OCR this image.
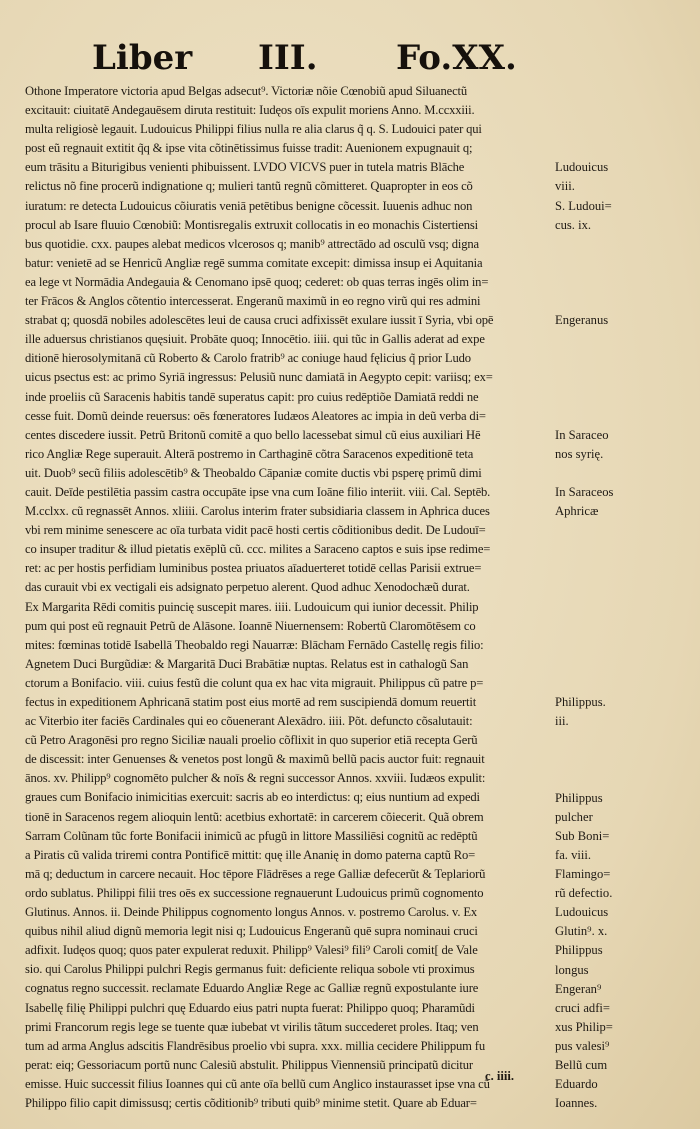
Liber III. Fo.XX.
Othone Imperatore victoria apud Belgas adsecut⁹. Victoriæ nõie Cœnobiũ apud Siluanectũ
excitauit: ciuitatē Andegauēsem diruta restituit: Iudęos oīs expulit moriens Anno. M.ccxxiii.
multa religiosè legauit. Ludouicus Philippi filius nulla re alia clarus q̃ q. S. Ludouici pater qui
post eũ regnauit extitit q̃q & ipse vita cõtinētissimus fuisse tradit: Auenionem expugnauit q;
eum trāsitu a Biturigibus venienti phibuissent. LVDO VICVS puer in tutela matris Blāche
relictus nõ fine procerũ indignatione q; mulieri tantũ regnũ cõmitteret. Quapropter in eos cõ
iuratum: re detecta Ludouicus cõiuratis veniā petētibus benigne cõcessit. Iuuenis adhuc non
procul ab Isare fluuio Cœnobiũ: Montisregalis extruxit collocatis in eo monachis Cistertiensi
bus quotidie. cxx. paupes alebat medicos vlcerosos q; manib⁹ attrectādo ad osculũ vsq; digna
batur: venietē ad se Henricũ Angliæ regē summa comitate excepit: dimissa insup ei Aquitania
ea lege vt Normādia Andegauia & Cenomano ipsē quoq; cederet: ob quas terras ingēs olim in=
ter Frācos & Anglos cõtentio intercesserat. Engeranũ maximũ in eo regno virũ qui res admini
strabat q; quosdā nobiles adolescētes leui de causa cruci adfixissēt exulare iussit ī Syria, vbi opē
ille aduersus christianos quęsiuit. Probāte quoq; Innocētio. iiii. qui tũc in Gallis aderat ad expe
ditionē hierosolymitanā cũ Roberto & Carolo fratrib⁹ ac coniuge haud fęlicius q̃ prior Ludo
uicus psectus est: ac primo Syriā ingressus: Pelusiũ nunc damiatā in Aegypto cepit: variisq; ex=
inde proeliis cũ Saracenis habitis tandē superatus capit: pro cuius redēptiõe Damiatā reddi ne
cesse fuit. Domũ deinde reuersus: oēs fœneratores Iudæos Aleatores ac impia in deũ verba di=
centes discedere iussit. Petrũ Britonũ comitē a quo bello lacessebat simul cũ eius auxiliari Hē
rico Angliæ Rege superauit. Alterā postremo in Carthaginē cõtra Saracenos expeditionē teta
uit. Duob⁹ secũ filiis adolescētib⁹ & Theobaldo Cāpaniæ comite ductis vbi psperę primũ dimi
cauit. Deīde pestilētia passim castra occupāte ipse vna cum Ioāne filio interiit. viii. Cal. Septēb.
M.cclxx. cũ regnassēt Annos. xliiii. Carolus interim frater subsidiaria classem in Aphrica duces
vbi rem minime senescere ac oīa turbata vidit pacē hosti certis cõditionibus dedit. De Ludouī=
co insuper traditur & illud pietatis exēplũ cũ. ccc. milites a Saraceno captos e suis ipse redime=
ret: ac per hostis perfidiam luminibus postea priuatos aīaduerteret totidē cellas Parisii extrue=
das curauit vbi ex vectigali eis adsignato perpetuo alerent. Quod adhuc Xenodochæũ durat.
Ex Margarita Rēdi comitis puincię suscepit mares. iiii. Ludouicum qui iunior decessit. Philip
pum qui post eũ regnauit Petrũ de Alāsone. Ioannē Niuernensem: Robertũ Claromōtēsem co
mites: fœminas totidē Isabellā Theobaldo regi Nauarræ: Blācham Fernādo Castellę regis filio:
Agnetem Duci Burgũdiæ: & Margaritā Duci Brabātiæ nuptas. Relatus est in cathalogũ San
ctorum a Bonifacio. viii. cuius festũ die colunt qua ex hac vita migrauit. Philippus cũ patre p=
fectus in expeditionem Aphricanā statim post eius mortē ad rem suscipiendā domum reuertit
ac Viterbio iter faciēs Cardinales qui eo cõuenerant Alexādro. iiii. Põt. defuncto cõsalutauit:
cũ Petro Aragonēsi pro regno Siciliæ nauali proelio cõflixit in quo superior etiā recepta Gerũ
de discessit: inter Genuenses & venetos post longũ & maximũ bellũ pacis auctor fuit: regnauit
ānos. xv. Philipp⁹ cognomēto pulcher & noīs & regni successor Annos. xxviii. Iudæos expulit:
graues cum Bonifacio inimicitias exercuit: sacris ab eo interdictus: q; eius nuntium ad expedi
tionē in Saracenos regem alioquin lentũ: acetbius exhortatē: in carcerem cõiecerit. Quã obrem
Sarram Colũnam tũc forte Bonifacii inimicũ ac pfugũ in littore Massiliēsi cognitũ ac redēptũ
a Piratis cũ valida triremi contra Pontificē mittit: quę ille Ananię in domo paterna captũ Ro=
mā q; deductum in carcere necauit. Hoc tēpore Flādrēses a rege Galliæ defecerũt & Teplariorũ
ordo sublatus. Philippi filii tres oēs ex successione regnauerunt Ludouicus primũ cognomento
Glutinus. Annos. ii. Deinde Philippus cognomento longus Annos. v. postremo Carolus. v. Ex
quibus nihil aliud dignũ memoria legit nisi q; Ludouicus Engeranũ quē supra nominaui cruci
adfixit. Iudęos quoq; quos pater expulerat reduxit. Philipp⁹ Valesi⁹ fili⁹ Caroli comit[ de Vale
sio. qui Carolus Philippi pulchri Regis germanus fuit: deficiente reliqua sobole vti proximus
cognatus regno successit. reclamate Eduardo Angliæ Rege ac Galliæ regnũ expostulante iure
Isabellę filię Philippi pulchri quę Eduardo eius patri nupta fuerat: Philippo quoq; Pharamũdi
primi Francorum regis lege se tuente quæ iubebat vt virilis tãtum succederet proles. Itaq; ven
tum ad arma Anglus adscitis Flandrēsibus proelio vbi supra. xxx. millia cecidere Philippum fu
perat: eiq; Gessoriacum portũ nunc Calesiũ abstulit. Philippus Viennensiũ principatũ dicitur
emisse. Huic successit filius Ioannes qui cũ ante oīa bellũ cum Anglico instaurasset ipse vna cũ
Philippo filio capit dimissusq; certis cõditionib⁹ tributi quib⁹ minime stetit. Quare ab Eduar=
Ludouicus
viii.
S. Ludoui=
cus. ix.
Engeranus
In Saraceo
nos syrię.
In Saraceos
Aphricæ
Philippus.
iii.
Philippus
pulcher
Sub Boni=
fa. viii.
Flamingo=
rũ defectio.
Ludouicus
Glutin⁹. x.
Philippus
longus
Engeran⁹
cruci adfi=
xus Philip=
pus valesi⁹
Bellũ cum
Eduardo
Ioannes.
c. iiii.
